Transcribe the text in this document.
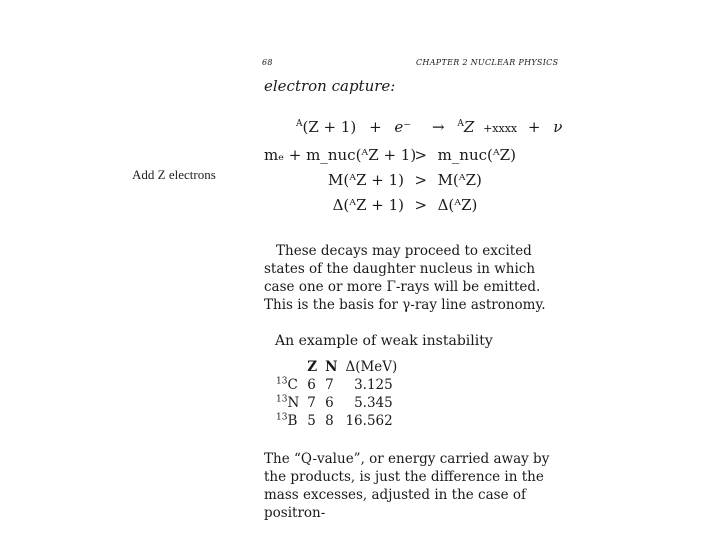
68	CHAPTER 2 NUCLEAR PHYSICS
electron capture:
Add Z electrons
$^A$(Z + 1) + e⁻ → $^A$Z +xxxx + ν
mₑ + m_nuc(ᴬZ + 1) > m_nuc(ᴬZ)
M(ᴬZ + 1) > M(ᴬZ)
Δ(ᴬZ + 1) > Δ(ᴬZ)
These decays may proceed to excited states of the daughter nucleus in which case one or more Γ-rays will be emitted. This is the basis for γ-ray line astronomy.
An example of weak instability
	Z	N	Δ(MeV)
$^{13}$C	6	7	3.125
$^{13}$N	7	6	5.345
$^{13}$B	5	8	16.562
The “Q-value”, or energy carried away by the products, is just the difference in the mass excesses, adjusted in the case of positron-
